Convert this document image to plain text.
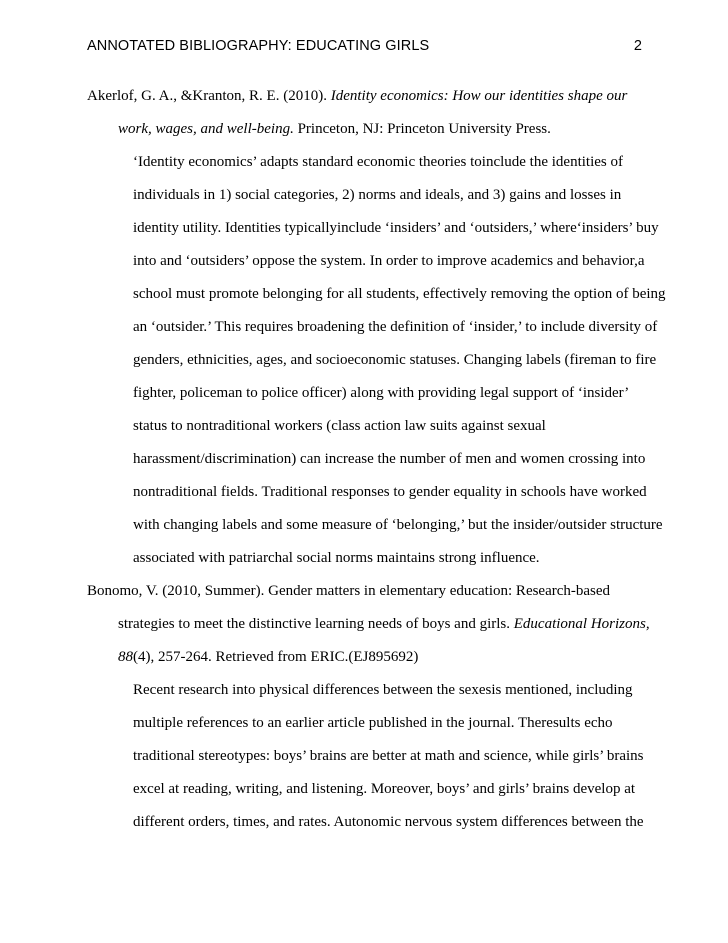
ANNOTATED BIBLIOGRAPHY: EDUCATING GIRLS	2
Akerlof, G. A., &Kranton, R. E. (2010). Identity economics: How our identities shape our
work, wages, and well-being. Princeton, NJ: Princeton University Press.
‘Identity economics’ adapts standard economic theories toinclude the identities of
individuals in 1) social categories, 2) norms and ideals, and 3) gains and losses in
identity utility. Identities typicallyinclude ‘insiders’ and ‘outsiders,’ where‘insiders’ buy
into and ‘outsiders’ oppose the system. In order to improve academics and behavior,a
school must promote belonging for all students, effectively removing the option of being
an ‘outsider.’ This requires broadening the definition of ‘insider,’ to include diversity of
genders, ethnicities, ages, and socioeconomic statuses. Changing labels (fireman to fire
fighter, policeman to police officer) along with providing legal support of ‘insider’
status to nontraditional workers (class action law suits against sexual
harassment/discrimination) can increase the number of men and women crossing into
nontraditional fields. Traditional responses to gender equality in schools have worked
with changing labels and some measure of ‘belonging,’ but the insider/outsider structure
associated with patriarchal social norms maintains strong influence.
Bonomo, V. (2010, Summer). Gender matters in elementary education: Research-based
strategies to meet the distinctive learning needs of boys and girls. Educational Horizons,
88(4), 257-264. Retrieved from ERIC.(EJ895692)
Recent research into physical differences between the sexesis mentioned, including
multiple references to an earlier article published in the journal. Theresults echo
traditional stereotypes: boys’ brains are better at math and science, while girls’ brains
excel at reading, writing, and listening. Moreover, boys’ and girls’ brains develop at
different orders, times, and rates. Autonomic nervous system differences between the
